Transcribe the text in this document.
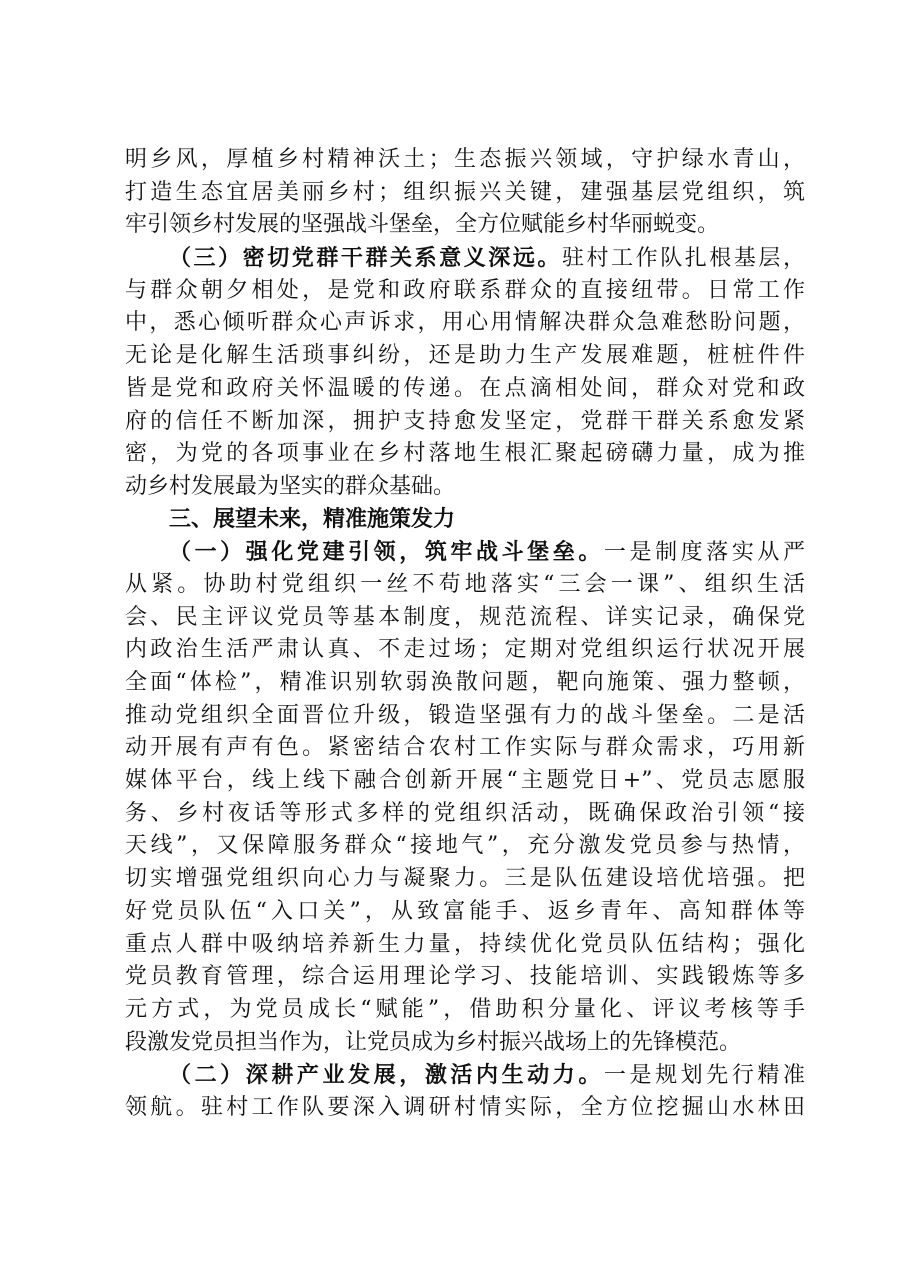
明乡风，厚植乡村精神沃土；生态振兴领域，守护绿水青山，
打造生态宜居美丽乡村；组织振兴关键，建强基层党组织，筑
牢引领乡村发展的坚强战斗堡垒，全方位赋能乡村华丽蜕变。
（三）密切党群干群关系意义深远。驻村工作队扎根基层，
与群众朝夕相处，是党和政府联系群众的直接纽带。日常工作
中，悉心倾听群众心声诉求，用心用情解决群众急难愁盼问题，
无论是化解生活琐事纠纷，还是助力生产发展难题，桩桩件件
皆是党和政府关怀温暖的传递。在点滴相处间，群众对党和政
府的信任不断加深，拥护支持愈发坚定，党群干群关系愈发紧
密，为党的各项事业在乡村落地生根汇聚起磅礴力量，成为推
动乡村发展最为坚实的群众基础。
三、展望未来，精准施策发力
（一）强化党建引领，筑牢战斗堡垒。一是制度落实从严
从紧。协助村党组织一丝不苟地落实“三会一课”、组织生活
会、民主评议党员等基本制度，规范流程、详实记录，确保党
内政治生活严肃认真、不走过场；定期对党组织运行状况开展
全面“体检”，精准识别软弱涣散问题，靶向施策、强力整顿，
推动党组织全面晋位升级，锻造坚强有力的战斗堡垒。二是活
动开展有声有色。紧密结合农村工作实际与群众需求，巧用新
媒体平台，线上线下融合创新开展“主题党日+”、党员志愿服
务、乡村夜话等形式多样的党组织活动，既确保政治引领“接
天线”，又保障服务群众“接地气”，充分激发党员参与热情，
切实增强党组织向心力与凝聚力。三是队伍建设培优培强。把
好党员队伍“入口关”，从致富能手、返乡青年、高知群体等
重点人群中吸纳培养新生力量，持续优化党员队伍结构；强化
党员教育管理，综合运用理论学习、技能培训、实践锻炼等多
元方式，为党员成长“赋能”，借助积分量化、评议考核等手
段激发党员担当作为，让党员成为乡村振兴战场上的先锋模范。
（二）深耕产业发展，激活内生动力。一是规划先行精准
领航。驻村工作队要深入调研村情实际，全方位挖掘山水林田
